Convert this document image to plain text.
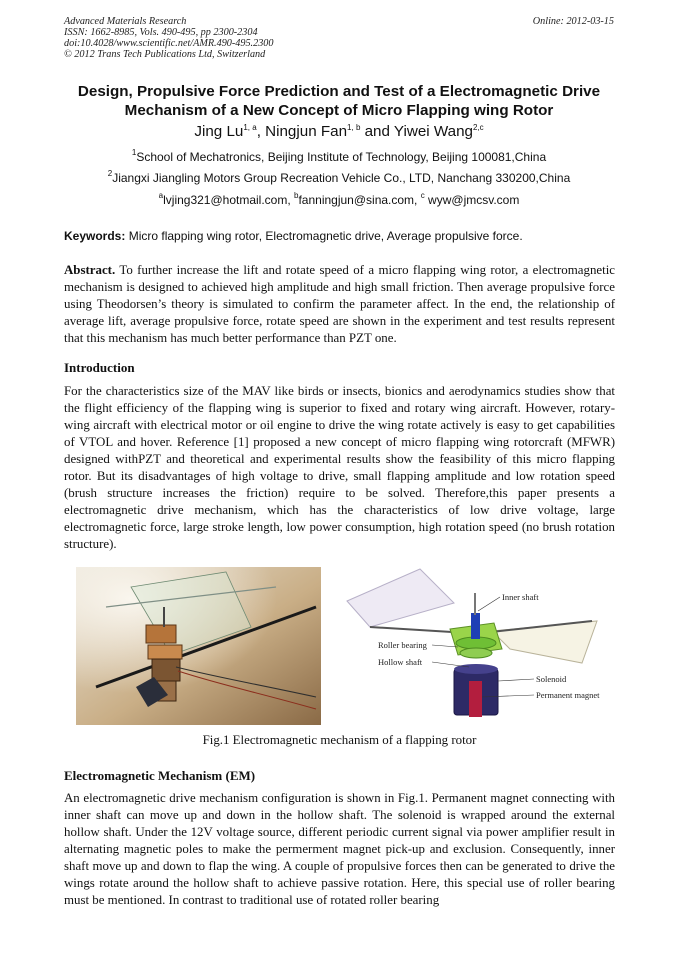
Advanced Materials Research
ISSN: 1662-8985, Vols. 490-495, pp 2300-2304
doi:10.4028/www.scientific.net/AMR.490-495.2300
© 2012 Trans Tech Publications Ltd, Switzerland
Online: 2012-03-15
Design, Propulsive Force Prediction and Test of a Electromagnetic Drive
Mechanism of a New Concept of Micro Flapping wing Rotor
Jing Lu$^{1, a}$, Ningjun Fan$^{1, b}$ and Yiwei Wang$^{2,c}$
$^1$School of Mechatronics, Beijing Institute of Technology, Beijing 100081,China
$^2$Jiangxi Jiangling Motors Group Recreation Vehicle Co., LTD, Nanchang 330200,China
$^a$lvjing321@hotmail.com, $^b$fanningjun@sina.com, $^c$ wyw@jmcsv.com
Keywords: Micro flapping wing rotor, Electromagnetic drive, Average propulsive force.
Abstract. To further increase the lift and rotate speed of a micro flapping wing rotor, a electromagnetic mechanism is designed to achieved high amplitude and high small friction. Then average propulsive force using Theodorsen’s theory is simulated to confirm the parameter affect. In the end, the relationship of average lift, average propulsive force, rotate speed are shown in the experiment and test results represent that this mechanism has much better performance than PZT one.
Introduction
For the characteristics size of the MAV like birds or insects, bionics and aerodynamics studies show that the flight efficiency of the flapping wing is superior to fixed and rotary wing aircraft. However, rotary-wing aircraft with electrical motor or oil engine to drive the wing rotate actively is easy to get capabilities of VTOL and hover. Reference [1] proposed a new concept of micro flapping wing rotorcraft (MFWR) designed withPZT and theoretical and experimental results show the feasibility of this micro flapping rotor. But its disadvantages of high voltage to drive, small flapping amplitude and low rotation speed (brush structure increases the friction) require to be solved. Therefore,this paper presents a electromagnetic drive mechanism, which has the characteristics of low drive voltage, large electromagnetic force, large stroke length, low power consumption, high rotation speed (no brush rotation structure).
Inner shaft
Roller bearing
Hollow shaft
Solenoid
Permanent magnet
Fig.1 Electromagnetic mechanism of a flapping rotor
Electromagnetic Mechanism (EM)
An electromagnetic drive mechanism configuration is shown in Fig.1. Permanent magnet connecting with inner shaft can move up and down in the hollow shaft. The solenoid is wrapped around the external hollow shaft. Under the 12V voltage source, different periodic current signal via power amplifier result in alternating magnetic poles to make the permerment magnet pick-up and exclusion. Consequently, inner shaft move up and down to flap the wing. A couple of propulsive forces then can be generated to drive the wings rotate around the hollow shaft to achieve passive rotation. Here, this special use of roller bearing must be mentioned. In contrast to traditional use of rotated roller bearing
